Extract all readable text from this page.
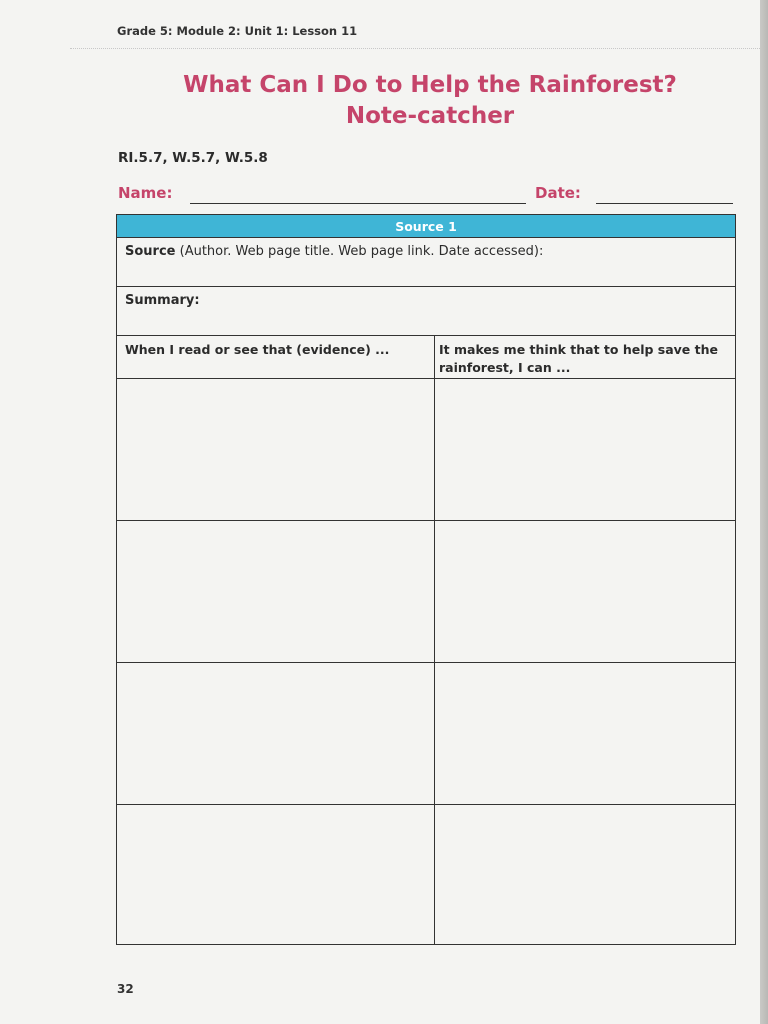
Grade 5: Module 2: Unit 1: Lesson 11
What Can I Do to Help the Rainforest?
Note-catcher
RI.5.7, W.5.7, W.5.8
Name:	Date:
Source 1
Source (Author. Web page title. Web page link. Date accessed):
Summary:
When I read or see that (evidence) ...	It makes me think that to help save the rainforest, I can ...
32
